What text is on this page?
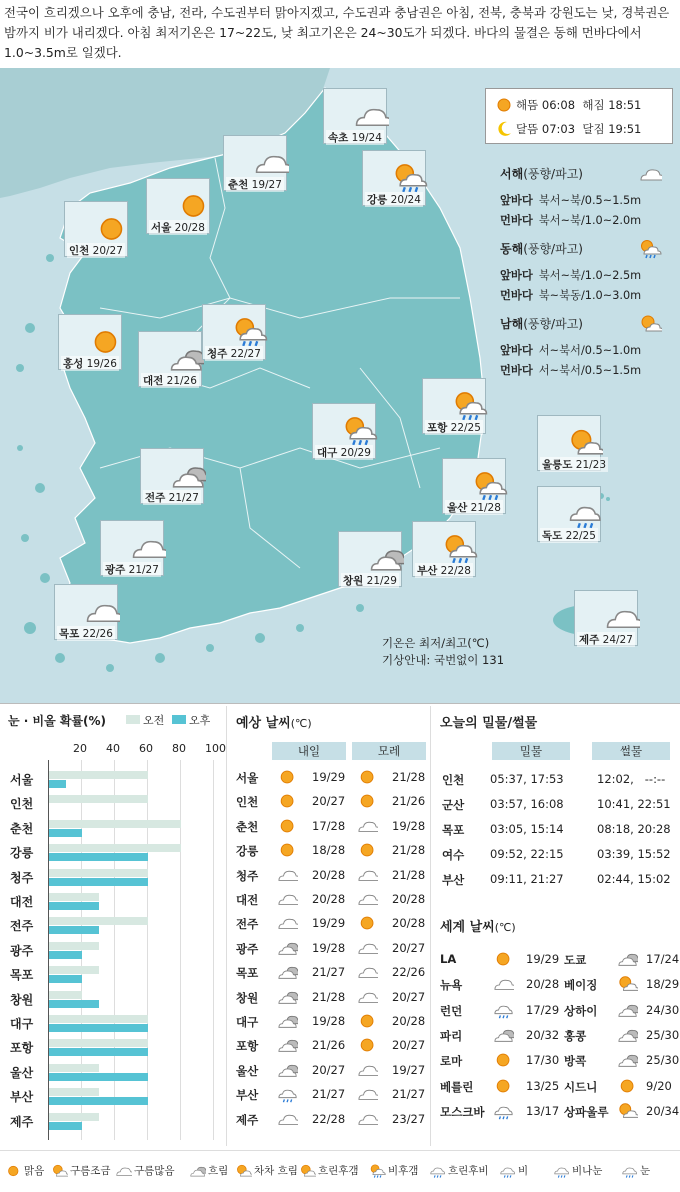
전국이 흐리겠으나 오후에 충남, 전라, 수도권부터 맑아지겠고, 수도권과 충남권은 아침, 전북, 충북과 강원도는 낮, 경북권은 밤까지 비가 내리겠다. 아침 최저기온은 17~22도, 낮 최고기온은 24~30도가 되겠다. 바다의 물결은 동해 먼바다에서 1.0~3.5m로 일겠다.
해뜸 06:08 해짐 18:51
달뜸 07:03 달짐 19:51
서해(풍향/파고)
앞바다 북서~북/0.5~1.5m
먼바다 북서~북/1.0~2.0m
동해(풍향/파고)
앞바다 북서~북/1.0~2.5m
먼바다 북~북동/1.0~3.0m
남해(풍향/파고)
앞바다 서~북서/0.5~1.0m
먼바다 서~북서/0.5~1.5m
속초 19/24
춘천 19/27
강릉 20/24
서울 20/28
인천 20/27
홍성 19/26
대전 21/26
청주 22/27
포항 22/25
대구 20/29
울릉도 21/23
울산 21/28
전주 21/27
독도 22/25
광주 21/27	부산 22/28
창원 21/29
목포 22/26	제주 24/27
기온은 최저/최고(℃)
기상안내: 국번없이 131
눈 · 비올 확률(%)	오전 오후
20 40 60 80 100
서울
인천
춘천
강릉
청주
대전
전주
광주
목포
창원
대구
포항
울산
부산
제주
예상 날씨(℃)
내일	모레
서울	19/29	21/28
인천	20/27	21/26
춘천	17/28	19/28
강릉	18/28	21/28
청주	20/28	21/28
대전	20/28	20/28
전주	19/29	20/28
광주	19/28	20/27
목포	21/27	22/26
창원	21/28	20/27
대구	19/28	20/28
포항	21/26	20/27
울산	20/27	19/27
부산	21/27	21/27
제주	22/28	23/27
오늘의 밀물/썰물
밀물	썰물
인천 05:37, 17:53	12:02,   --:--
군산 03:57, 16:08	10:41, 22:51
목포 03:05, 15:14	08:18, 20:28
여수 09:52, 22:15	03:39, 15:52
부산 09:11, 21:27	02:44, 15:02
세계 날씨(℃)
LA	19/29 도쿄	17/24
뉴욕	20/28 베이징	18/29
런던	17/29 상하이	24/30
파리	20/32 홍콩	25/30
로마	17/30 방콕	25/30
베를린	13/25 시드니	9/20
모스크바	13/17 상파울루	20/34
맑음	구름조금	구름많음	흐림	차차 흐림	흐린후갬	비후갬	흐린후비	비	비나눈	눈
